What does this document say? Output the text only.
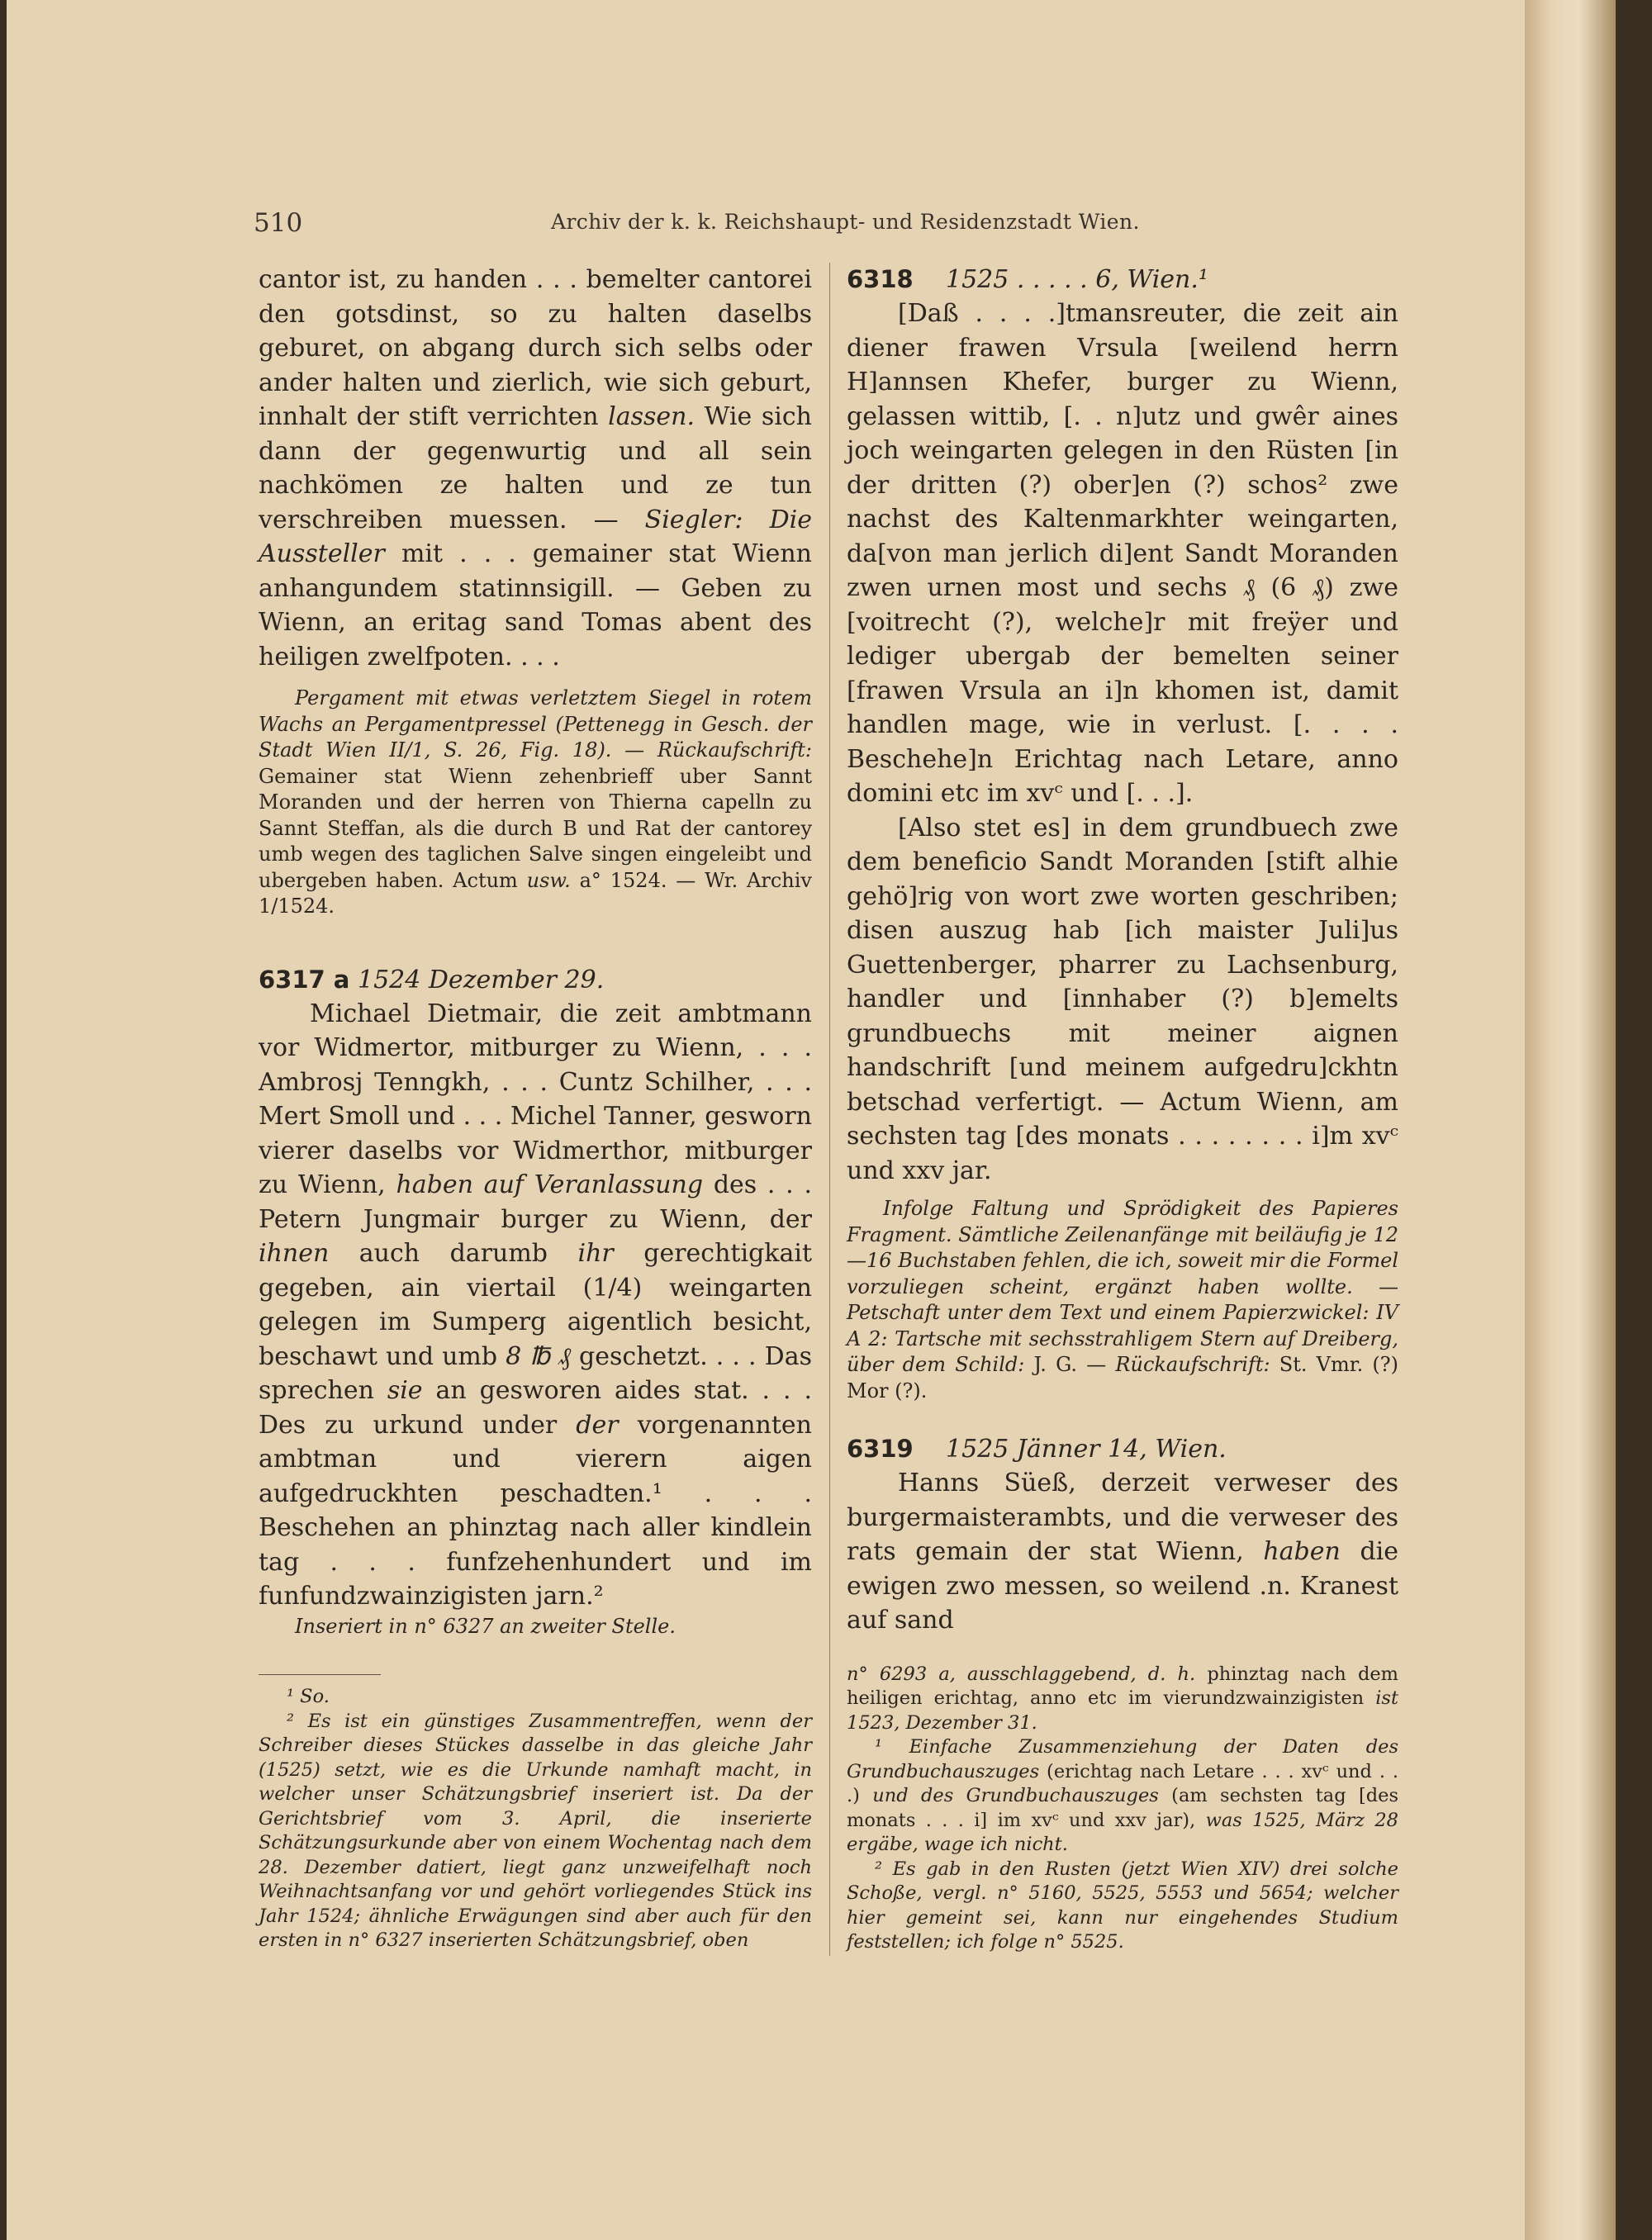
510	Archiv der k. k. Reichshaupt- und Residenzstadt Wien.

cantor ist, zu handen . . . bemelter cantorei den gotsdinst, so zu halten daselbs geburet, on abgang durch sich selbs oder ander halten und zierlich, wie sich geburt, innhalt der stift verrichten lassen. Wie sich dann der gegenwurtig und all sein nachkömen ze halten und ze tun verschreiben muessen. — Siegler: Die Aussteller mit . . . gemainer stat Wienn anhangundem statinnsigill. — Geben zu Wienn, an eritag sand Tomas abent des heiligen zwelfpoten. . . .

Pergament mit etwas verletztem Siegel in rotem Wachs an Pergamentpressel (Pettenegg in Gesch. der Stadt Wien II/1, S. 26, Fig. 18). — Rückaufschrift: Gemainer stat Wienn zehenbrieff uber Sannt Moranden und der herren von Thierna capelln zu Sannt Steffan, als die durch B und Rat der cantorey umb wegen des taglichen Salve singen eingeleibt und ubergeben haben. Actum usw. a° 1524. — Wr. Archiv 1/1524.

6317 a 1524 Dezember 29.

Michael Dietmair, die zeit ambtmann vor Widmertor, mitburger zu Wienn, . . . Ambrosj Tenngkh, . . . Cuntz Schilher, . . . Mert Smoll und . . . Michel Tanner, gesworn vierer daselbs vor Widmerthor, mitburger zu Wienn, haben auf Veranlassung des . . . Petern Jungmair burger zu Wienn, der ihnen auch darumb ihr gerechtigkait gegeben, ain viertail (1/4) weingarten gelegen im Sumperg aigentlich besicht, beschawt und umb 8 ℔ ₰ geschetzt. . . . Das sprechen sie an gesworen aides stat. . . . Des zu urkund under der vorgenannten ambtman und vierern aigen aufgedruckhten peschadten.¹ . . . Beschehen an phinztag nach aller kindlein tag . . . funfzehenhundert und im funfundzwainzigisten jarn.²

Inseriert in n° 6327 an zweiter Stelle.

¹ So.

² Es ist ein günstiges Zusammentreffen, wenn der Schreiber dieses Stückes dasselbe in das gleiche Jahr (1525) setzt, wie es die Urkunde namhaft macht, in welcher unser Schätzungsbrief inseriert ist. Da der Gerichtsbrief vom 3. April, die inserierte Schätzungsurkunde aber von einem Wochentag nach dem 28. Dezember datiert, liegt ganz unzweifelhaft noch Weihnachtsanfang vor und gehört vorliegendes Stück ins Jahr 1524; ähnliche Erwägungen sind aber auch für den ersten in n° 6327 inserierten Schätzungsbrief, oben

6318 1525 . . . . . 6, Wien.¹

[Daß . . . .]tmansreuter, die zeit ain diener frawen Vrsula [weilend herrn H]annsen Khefer, burger zu Wienn, gelassen wittib, [. . n]utz und gwêr aines joch weingarten gelegen in den Rüsten [in der dritten (?) ober]en (?) schos² zwe nachst des Kaltenmarkhter weingarten, da[von man jerlich di]ent Sandt Moranden zwen urnen most und sechs ₰ (6 ₰) zwe [voitrecht (?), welche]r mit freÿer und lediger ubergab der bemelten seiner [frawen Vrsula an i]n khomen ist, damit handlen mage, wie in verlust. [. . . . Beschehe]n Erichtag nach Letare, anno domini etc im xvᶜ und [. . .].

[Also stet es] in dem grundbuech zwe dem beneficio Sandt Moranden [stift alhie gehö]rig von wort zwe worten geschriben; disen auszug hab [ich maister Juli]us Guettenberger, pharrer zu Lachsenburg, handler und [innhaber (?) b]emelts grundbuechs mit meiner aignen handschrift [und meinem aufgedru]ckhtn betschad verfertigt. — Actum Wienn, am sechsten tag [des monats . . . . . . . . i]m xvᶜ und xxv jar.

Infolge Faltung und Sprödigkeit des Papieres Fragment. Sämtliche Zeilenanfänge mit beiläufig je 12—16 Buchstaben fehlen, die ich, soweit mir die Formel vorzuliegen scheint, ergänzt haben wollte. — Petschaft unter dem Text und einem Papierzwickel: IV A 2: Tartsche mit sechsstrahligem Stern auf Dreiberg, über dem Schild: J. G. — Rückaufschrift: St. Vmr. (?) Mor (?).

6319 1525 Jänner 14, Wien.

Hanns Süeß, derzeit verweser des burgermaisterambts, und die verweser des rats gemain der stat Wienn, haben die ewigen zwo messen, so weilend .n. Kranest auf sand

n° 6293 a, ausschlaggebend, d. h. phinztag nach dem heiligen erichtag, anno etc im vierundzwainzigisten ist 1523, Dezember 31.

¹ Einfache Zusammenziehung der Daten des Grundbuchauszuges (erichtag nach Letare . . . xvᶜ und . . .) und des Grundbuchauszuges (am sechsten tag [des monats . . . i] im xvᶜ und xxv jar), was 1525, März 28 ergäbe, wage ich nicht.

² Es gab in den Rusten (jetzt Wien XIV) drei solche Schoße, vergl. n° 5160, 5525, 5553 und 5654; welcher hier gemeint sei, kann nur eingehendes Studium feststellen; ich folge n° 5525.
